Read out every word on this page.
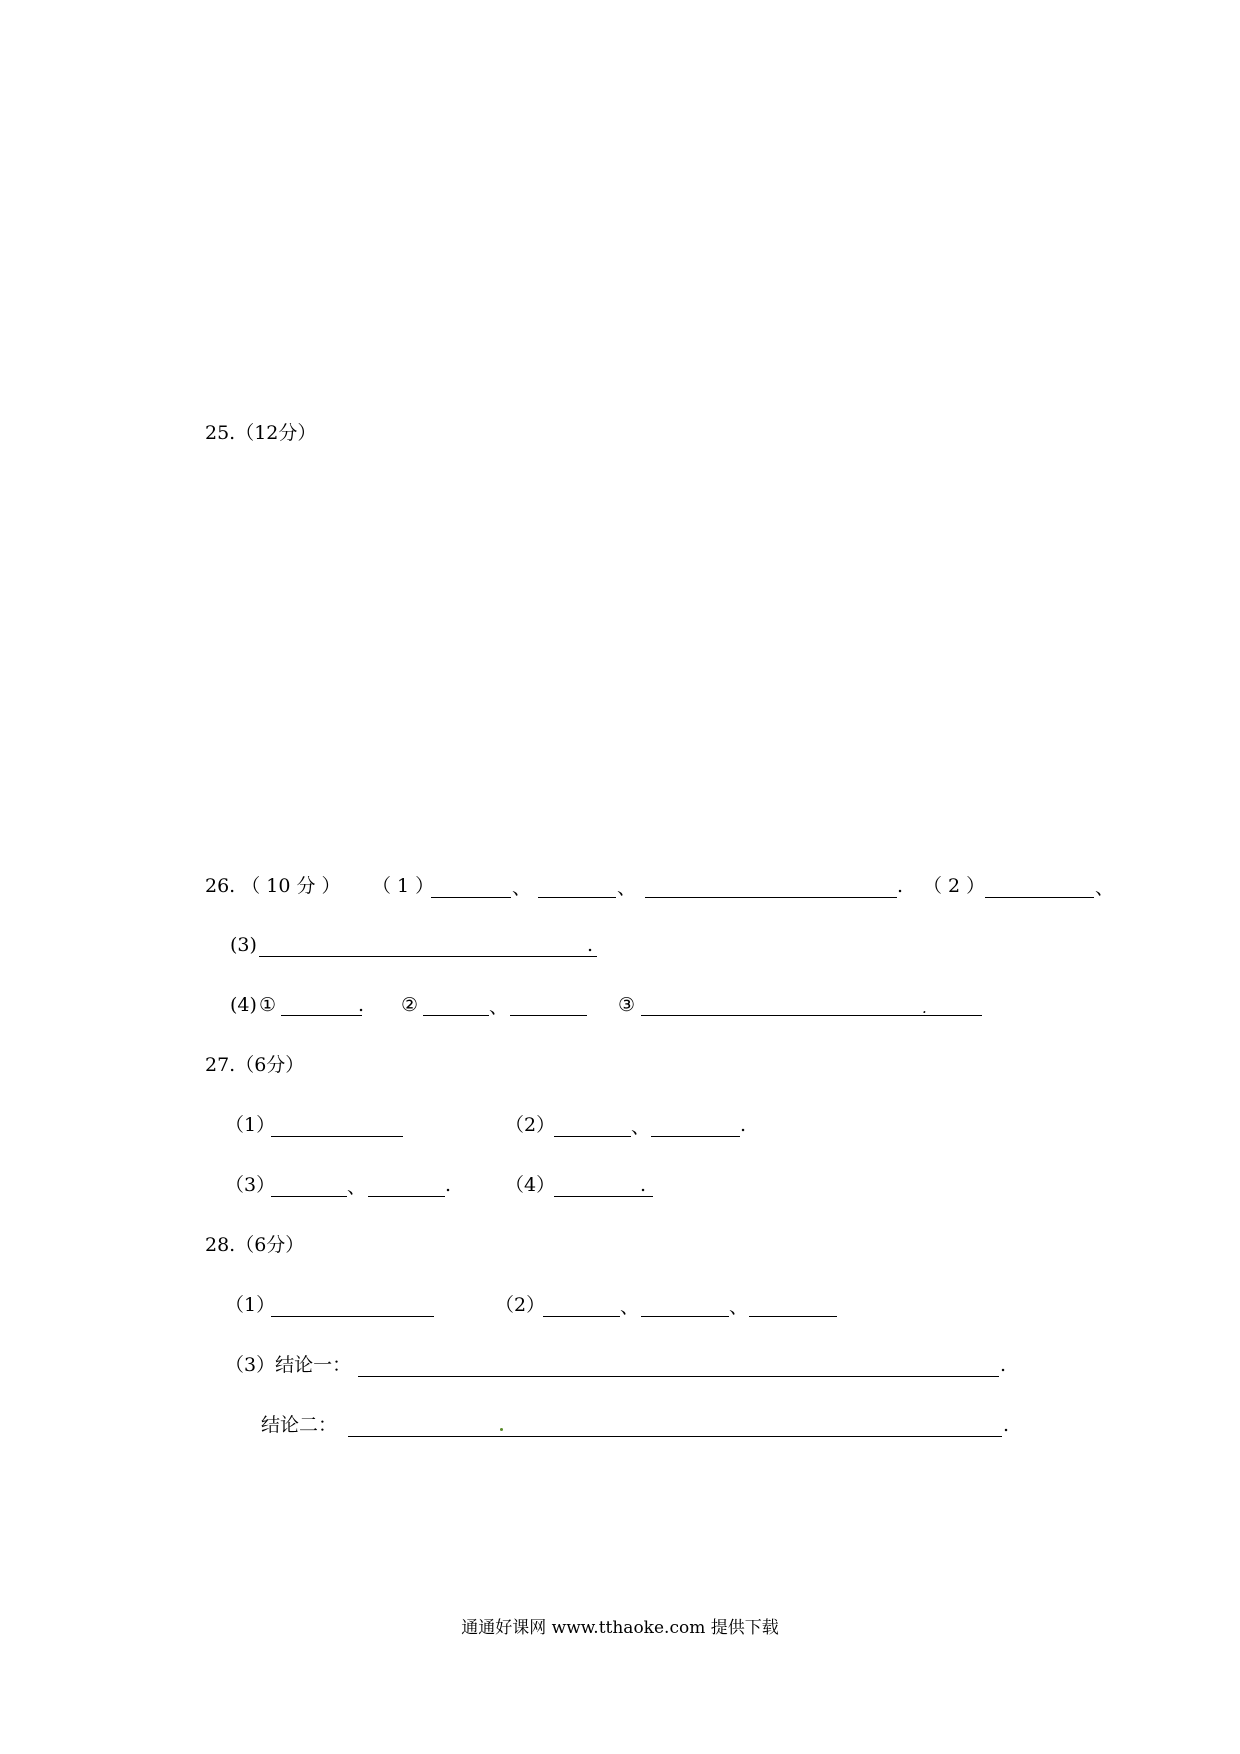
25.（12分）
26. （ 10 分 ） （ 1 ）	、	、	. （ 2 ）	、
(3)	.
(4) ①	. ②	、	③	.
27.（6分）
（1）	（2）	、	.
（3）	、	.	（4）	.
28.（6分）
（1）	（2）	、	、
（3）结论一：	.
结论二：	.
通通好课网 www.tthaoke.com 提供下载
